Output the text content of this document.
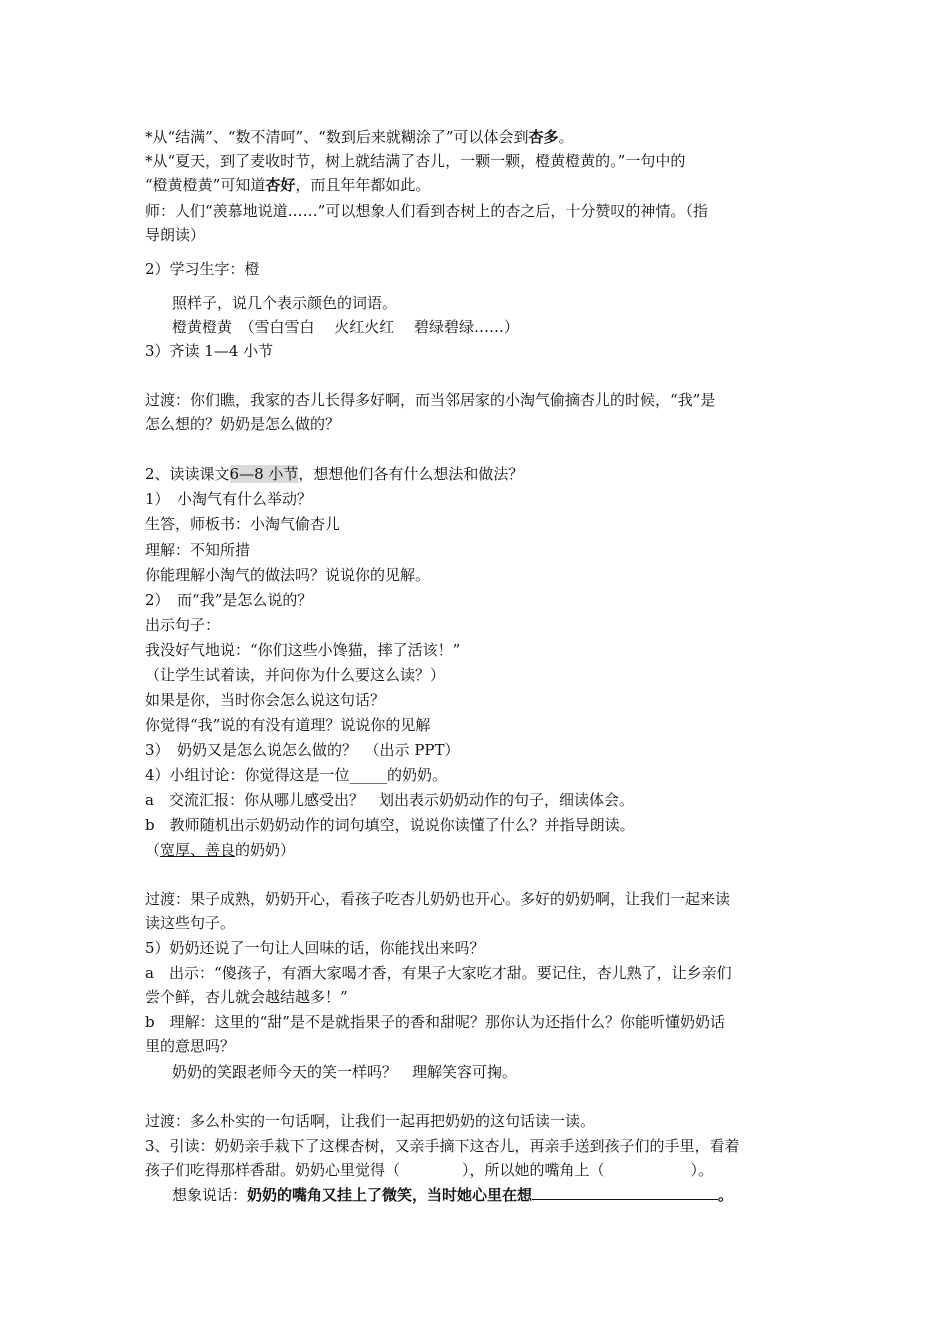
*从“结满”、“数不清呵”、“数到后来就糊涂了”可以体会到杏多。
*从“夏天，到了麦收时节，树上就结满了杏儿，一颗一颗，橙黄橙黄的。”一句中的
“橙黄橙黄”可知道杏好，而且年年都如此。
师：人们“羡慕地说道……”可以想象人们看到杏树上的杏之后，十分赞叹的神情。（指
导朗读）
2）学习生字：橙
照样子，说几个表示颜色的词语。
橙黄橙黄　（雪白雪白　 火红火红　 碧绿碧绿……）
3）齐读 1—4 小节
过渡：你们瞧，我家的杏儿长得多好啊，而当邻居家的小淘气偷摘杏儿的时候，“我”是
怎么想的？奶奶是怎么做的？
2、读读课文6—8 小节，想想他们各有什么想法和做法？
1）　小淘气有什么举动？
生答，师板书：小淘气偷杏儿
理解：不知所措
你能理解小淘气的做法吗？说说你的见解。
2）　而“我”是怎么说的？
出示句子：
我没好气地说：“你们这些小馋猫，摔了活该！”
（让学生试着读，并问你为什么要这么读？）
如果是你，当时你会怎么说这句话？
你觉得“我”说的有没有道理？说说你的见解
3）　奶奶又是怎么说怎么做的？　（出示 PPT）
4）小组讨论：你觉得这是一位_____的奶奶。
a　交流汇报：你从哪儿感受出？　划出表示奶奶动作的句子，细读体会。
b　教师随机出示奶奶动作的词句填空，说说你读懂了什么？并指导朗读。
（宽厚、善良的奶奶）
过渡：果子成熟，奶奶开心，看孩子吃杏儿奶奶也开心。多好的奶奶啊，让我们一起来读
读这些句子。
5）奶奶还说了一句让人回味的话，你能找出来吗？
a　出示：“傻孩子，有酒大家喝才香，有果子大家吃才甜。要记住，杏儿熟了，让乡亲们
尝个鲜，杏儿就会越结越多！”
b　理解：这里的“甜”是不是就指果子的香和甜呢？那你认为还指什么？你能听懂奶奶话
里的意思吗？
奶奶的笑跟老师今天的笑一样吗？　理解笑容可掬。
过渡：多么朴实的一句话啊，让我们一起再把奶奶的这句话读一读。
3、引读：奶奶亲手栽下了这棵杏树，又亲手摘下这杏儿，再亲手送到孩子们的手里，看着
孩子们吃得那样香甜。奶奶心里觉得（	），所以她的嘴角上（	）。
想象说话：奶奶的嘴角又挂上了微笑，当时她心里在想	。
